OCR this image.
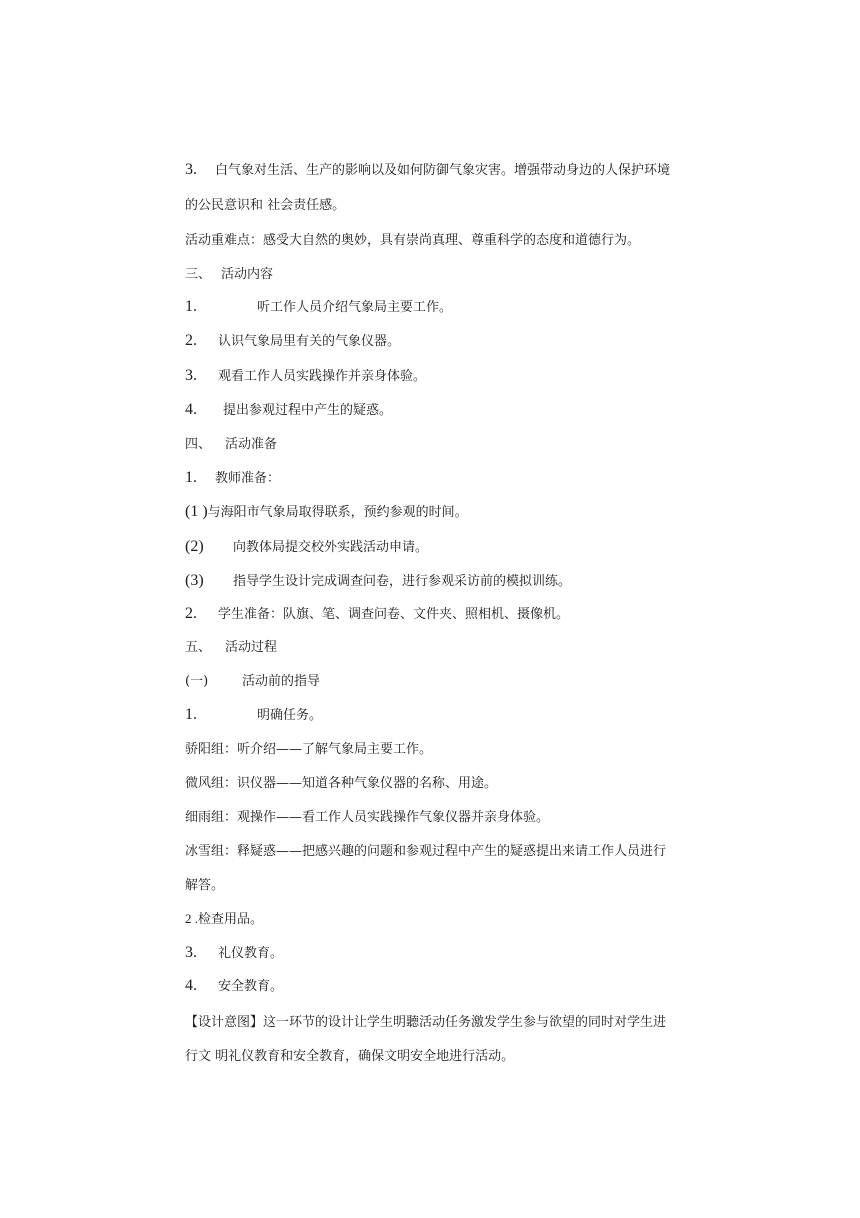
3. 白气象对生活、生产的影响以及如何防御气象灾害。增强带动身边的人保护环境
的公民意识和 社会责任感。
活动重难点：感受大自然的奥妙，具有崇尚真理、尊重科学的态度和道德行为。
三、 活动内容
1.	听工作人员介绍气象局主要工作。
2. 认识气象局里有关的气象仪器。
3. 观看工作人员实践操作并亲身体验。
4. 提出参观过程中产生的疑惑。
四、 活动准备
1. 教师准备：
(1 )与海阳市气象局取得联系，预约参观的时间。
(2) 向教体局提交校外实践活动申请。
(3) 指导学生设计完成调查问卷，进行参观采访前的模拟训练。
2. 学生准备：队旗、笔、调查问卷、文件夹、照相机、摄像机。
五、 活动过程
(一)	活动前的指导
1.	明确任务。
骄阳组：听介绍——了解气象局主要工作。
微风组：识仪器——知道各种气象仪器的名称、用途。
细雨组：观操作——看工作人员实践操作气象仪器并亲身体验。
冰雪组：释疑惑——把感兴趣的问题和参观过程中产生的疑惑提出来请工作人员进行
解答。
2 .检查用品。
3. 礼仪教育。
4. 安全教育。
【设计意图】这一环节的设计让学生明聽活动任务激发学生参与欲望的同时对学生进
行文 明礼仪教育和安全教育，确保文明安全地进行活动。
